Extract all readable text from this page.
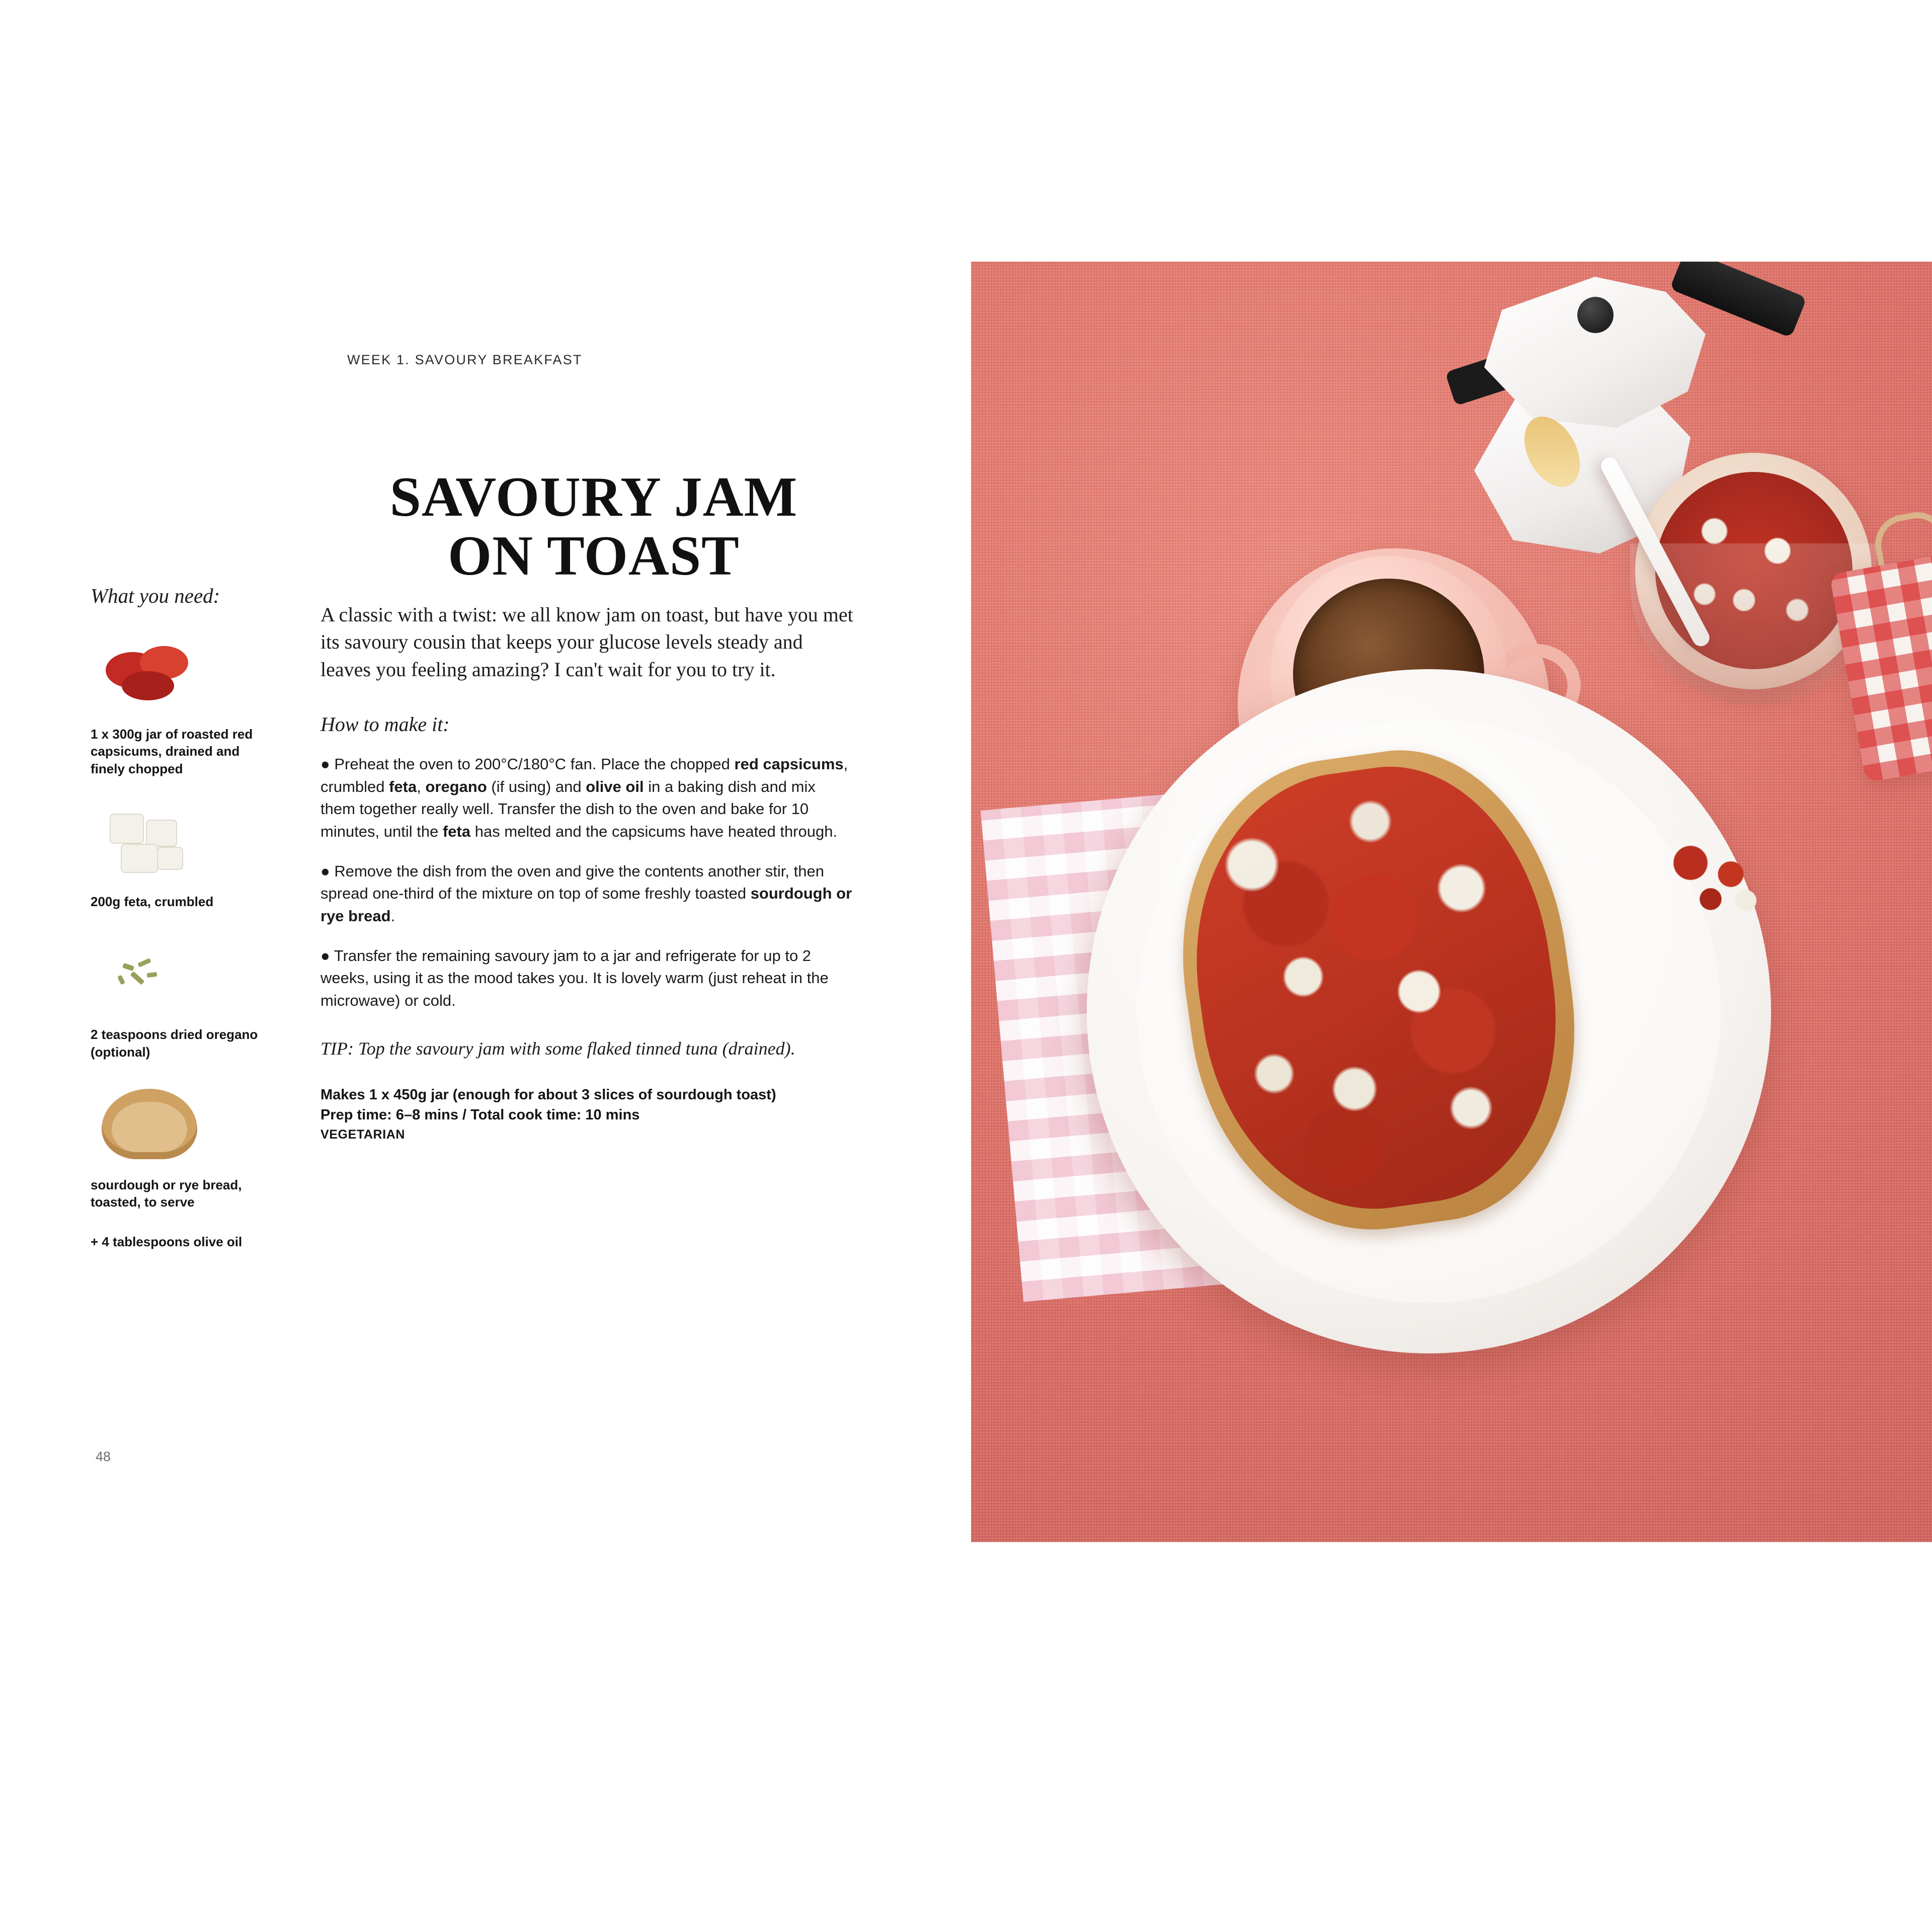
WEEK 1. SAVOURY BREAKFAST
SAVOURY JAM
ON TOAST
What you need:
1 x 300g jar of roasted red capsicums, drained and finely chopped
200g feta, crumbled
2 teaspoons dried oregano (optional)
sourdough or rye bread, toasted, to serve
+ 4 tablespoons olive oil

A classic with a twist: we all know jam on toast, but have you met its savoury cousin that keeps your glucose levels steady and leaves you feeling amazing? I can't wait for you to try it.

How to make it:

● Preheat the oven to 200°C/180°C fan. Place the chopped red capsicums, crumbled feta, oregano (if using) and olive oil in a baking dish and mix them together really well. Transfer the dish to the oven and bake for 10 minutes, until the feta has melted and the capsicums have heated through.

● Remove the dish from the oven and give the contents another stir, then spread one-third of the mixture on top of some freshly toasted sourdough or rye bread.

● Transfer the remaining savoury jam to a jar and refrigerate for up to 2 weeks, using it as the mood takes you. It is lovely warm (just reheat in the microwave) or cold.

TIP: Top the savoury jam with some flaked tinned tuna (drained).

Makes 1 x 450g jar (enough for about 3 slices of sourdough toast)
Prep time: 6–8 mins / Total cook time: 10 mins
VEGETARIAN
48
